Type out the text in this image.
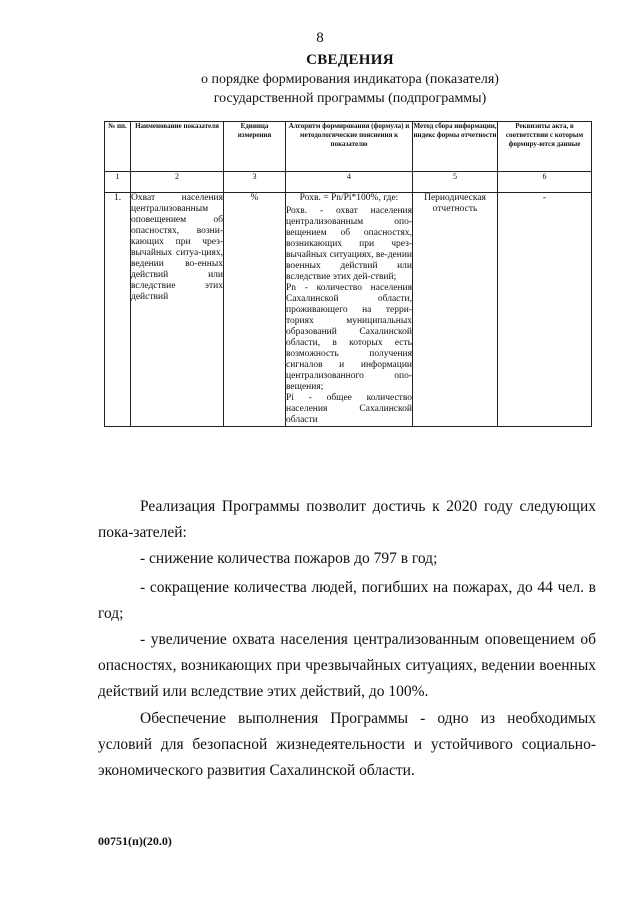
8
СВЕДЕНИЯ
о порядке формирования индикатора (показателя)
государственной программы (подпрограммы)
№ пп.	Наименование показателя	Единица измерения	Алгоритм формирования (формула) и методологические пояснения к показателю	Метод сбора информации, индекс формы отчетности	Реквизиты акта, в соответствии с которым формиру-ются данные
1	2	3	4	5	6
1.	Охват населения централизованным оповещением об опасностях, возни-кающих при чрез-вычайных ситуа-циях, ведении во-енных действий или вследствие этих действий	%	Рохв. = Рn/Рi*100%, где:
Рохв. - охват населения централизованным опо-вещением об опасностях, возникающих при чрез-вычайных ситуациях, ве-дении военных действий или вследствие этих дей-ствий;
Рn - количество населения Сахалинской области, проживающего на терри-ториях муниципальных образований Сахалинской области, в которых есть возможность получения сигналов и информации централизованного опо-вещения;
Рi - общее количество населения Сахалинской области	Периодическая отчетность	-
Реализация Программы позволит достичь к 2020 году следующих пока-зателей:
- снижение количества пожаров до 797 в год;
- сокращение количества людей, погибших на пожарах, до 44 чел. в год;
- увеличение охвата населения централизованным оповещением об опасностях, возникающих при чрезвычайных ситуациях, ведении военных действий или вследствие этих действий, до 100%.
Обеспечение выполнения Программы - одно из необходимых условий для безопасной жизнедеятельности и устойчивого социально-экономического развития Сахалинской области.
00751(п)(20.0)
